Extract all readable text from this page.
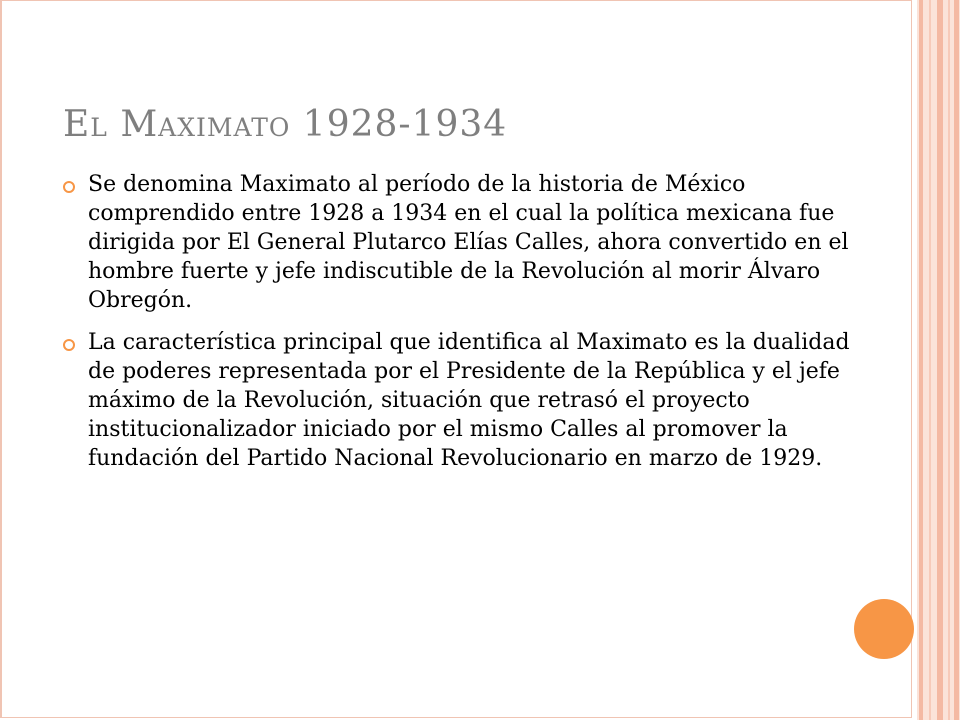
El Maximato 1928-1934
Se denomina Maximato al período de la historia de México comprendido entre 1928 a 1934 en el cual la política mexicana fue dirigida por El General Plutarco Elías Calles, ahora convertido en el hombre fuerte y jefe indiscutible de la Revolución al morir Álvaro Obregón.
La característica principal que identifica al Maximato es la dualidad de poderes representada por el Presidente de la República y el jefe máximo de la Revolución, situación que retrasó el proyecto institucionalizador iniciado por el mismo Calles al promover la fundación del Partido Nacional Revolucionario en marzo de 1929.
